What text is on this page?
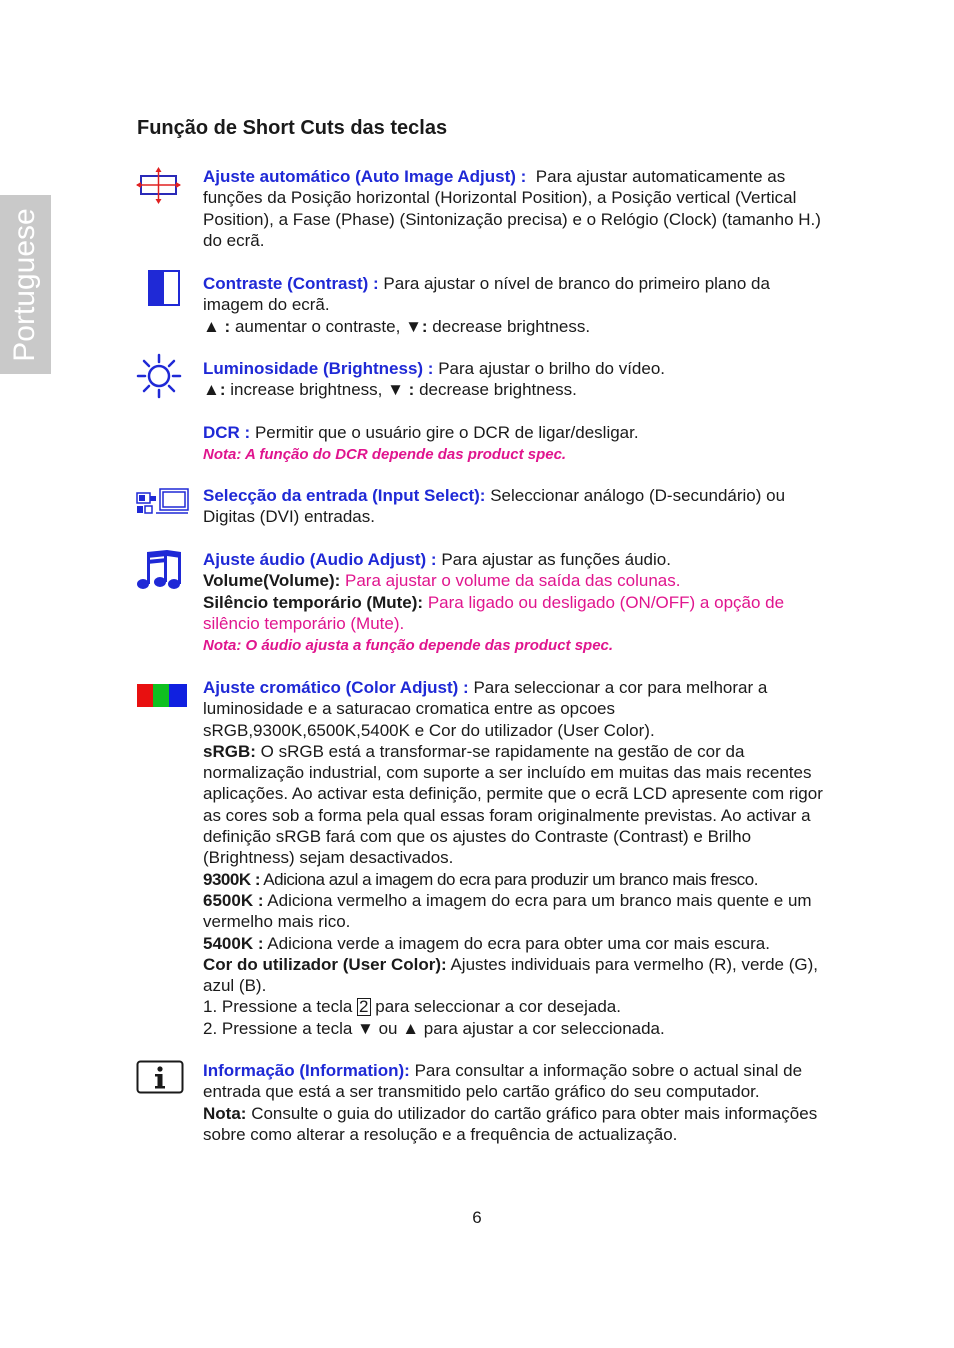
Portuguese
Função de Short Cuts das teclas
Ajuste automático (Auto Image Adjust) : Para ajustar automaticamente as funções da Posição horizontal (Horizontal Position), a Posição vertical (Vertical Position), a Fase (Phase) (Sintonização precisa) e o Relógio (Clock) (tamanho H.) do ecrã.
Contraste (Contrast) : Para ajustar o nível de branco do primeiro plano da imagem do ecrã.
▲ : aumentar o contraste, ▼: decrease brightness.
Luminosidade (Brightness) : Para ajustar o brilho do vídeo.
▲: increase brightness, ▼ : decrease brightness.
DCR : Permitir que o usuário gire o DCR de ligar/desligar.
Nota: A função do DCR depende das product spec.
Selecção da entrada (Input Select): Seleccionar análogo (D-secundário) ou Digitas (DVI) entradas.
Ajuste áudio (Audio Adjust) : Para ajustar as funções áudio.
Volume(Volume): Para ajustar o volume da saída das colunas.
Silêncio temporário (Mute): Para ligado ou desligado (ON/OFF) a opção de silêncio temporário (Mute).
Nota: O áudio ajusta a função depende das product spec.
Ajuste cromático (Color Adjust) : Para seleccionar a cor para melhorar a luminosidade e a saturacao cromatica entre as opcoes sRGB,9300K,6500K,5400K e Cor do utilizador (User Color).
sRGB: O sRGB está a transformar-se rapidamente na gestão de cor da normalização industrial, com suporte a ser incluído em muitas das mais recentes aplicações. Ao activar esta definição, permite que o ecrã LCD apresente com rigor as cores sob a forma pela qual essas foram originalmente previstas. Ao activar a definição sRGB fará com que os ajustes do Contraste (Contrast) e Brilho (Brightness) sejam desactivados.
9300K : Adiciona azul a imagem do ecra para produzir um branco mais fresco.
6500K : Adiciona vermelho a imagem do ecra para um branco mais quente e um vermelho mais rico.
5400K : Adiciona verde a imagem do ecra para obter uma cor mais escura.
Cor do utilizador (User Color): Ajustes individuais para vermelho (R), verde (G), azul (B).
1. Pressione a tecla 2 para seleccionar a cor desejada.
2. Pressione a tecla ▼ ou ▲ para ajustar a cor seleccionada.
Informação (Information): Para consultar a informação sobre o actual sinal de entrada que está a ser transmitido pelo cartão gráfico do seu computador.
Nota: Consulte o guia do utilizador do cartão gráfico para obter mais informações sobre como alterar a resolução e a frequência de actualização.
6
